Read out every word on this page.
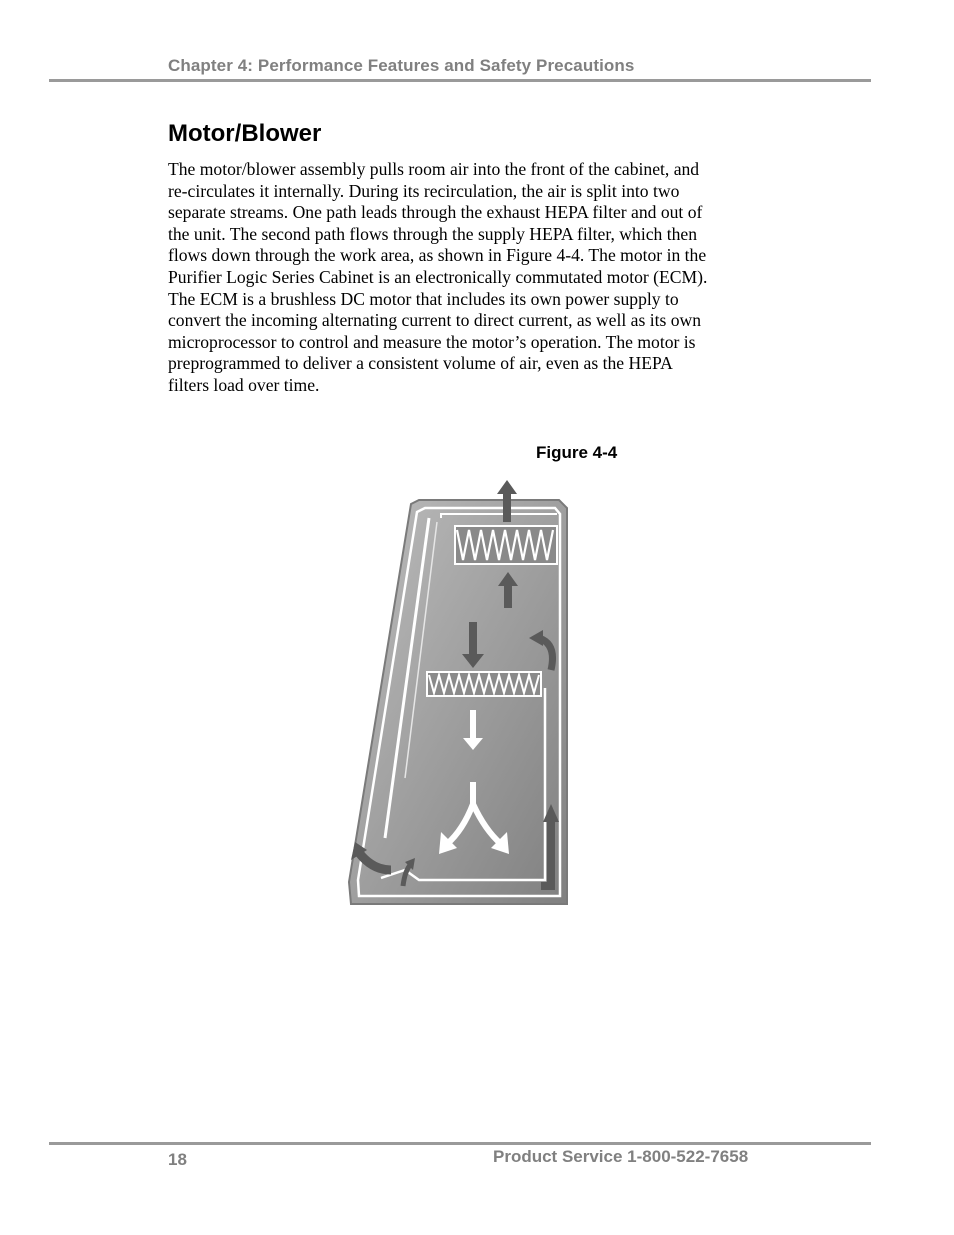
Chapter 4: Performance Features and Safety Precautions
Motor/Blower

The motor/blower assembly pulls room air into the front of the cabinet, and
re-circulates it internally. During its recirculation, the air is split into two
separate streams. One path leads through the exhaust HEPA filter and out of
the unit. The second path flows through the supply HEPA filter, which then
flows down through the work area, as shown in Figure 4-4. The motor in the
Purifier Logic Series Cabinet is an electronically commutated motor (ECM).
The ECM is a brushless DC motor that includes its own power supply to
convert the incoming alternating current to direct current, as well as its own
microprocessor to control and measure the motor’s operation. The motor is
preprogrammed to deliver a consistent volume of air, even as the HEPA
filters load over time.

Figure 4-4
18	Product Service 1-800-522-7658
